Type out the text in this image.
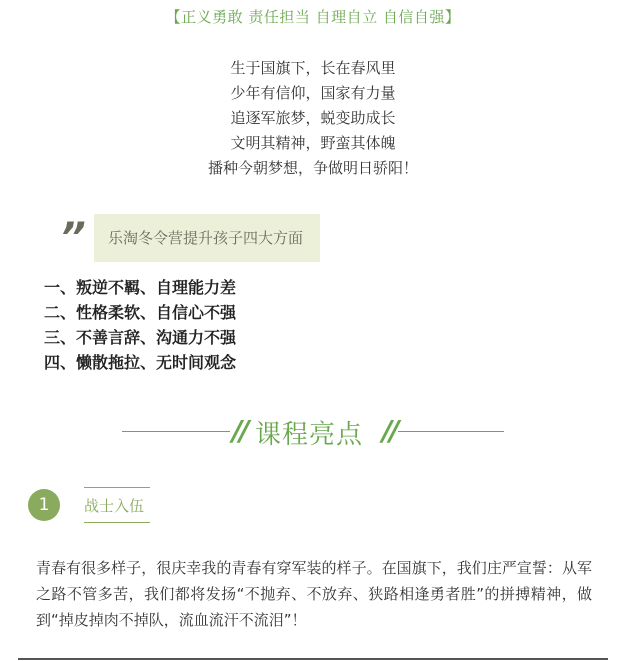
【正义勇敢 责任担当 自理自立 自信自强】
生于国旗下，长在春风里
少年有信仰，国家有力量
追逐军旅梦，蜕变助成长
文明其精神，野蛮其体魄
播种今朝梦想，争做明日骄阳！
”	乐淘冬令营提升孩子四大方面
一、叛逆不羁、自理能力差
二、性格柔软、自信心不强
三、不善言辞、沟通力不强
四、懒散拖拉、无时间观念
// 课程亮点 //
1	战士入伍
青春有很多样子，很庆幸我的青春有穿军装的样子。在国旗下，我们庄严宣誓：从军之路不管多苦，我们都将发扬“不抛弃、不放弃、狭路相逢勇者胜”的拼搏精神，做到“掉皮掉肉不掉队，流血流汗不流泪”！
